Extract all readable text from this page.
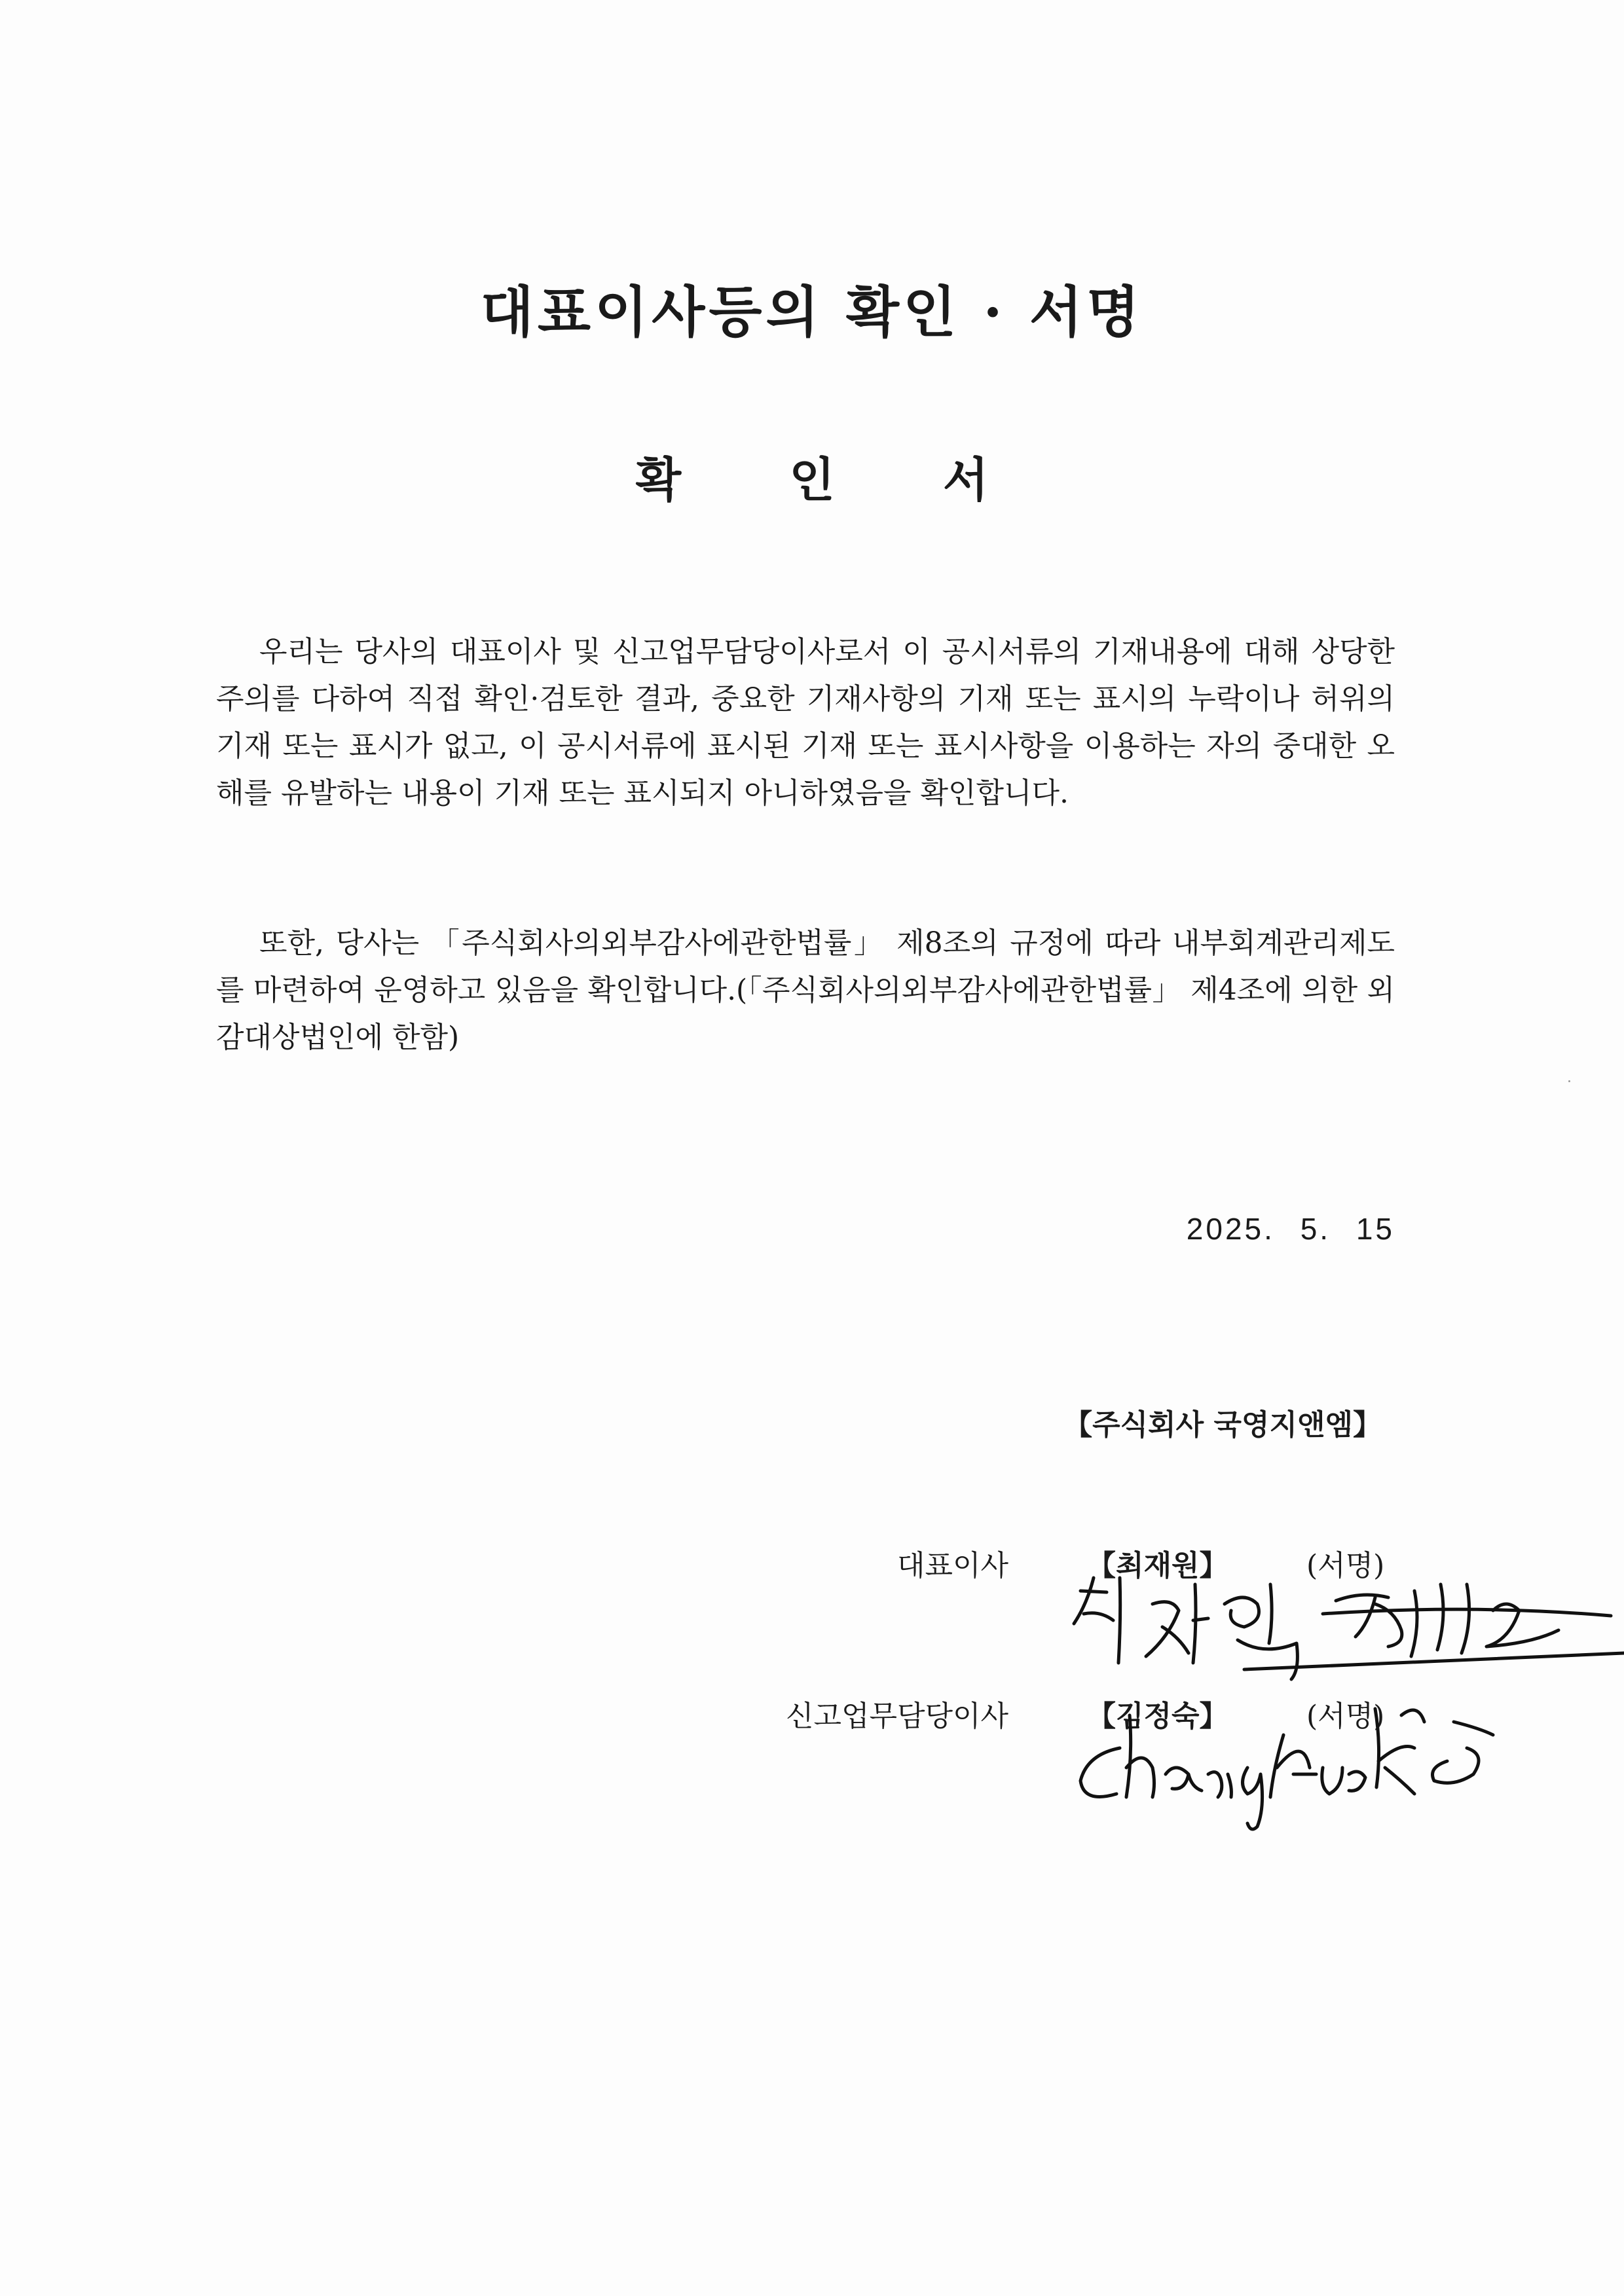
대표이사등의 확인 · 서명
확 인 서

우리는 당사의 대표이사 및 신고업무담당이사로서 이 공시서류의 기재내용에 대해 상당한 주의를 다하여 직접 확인·검토한 결과, 중요한 기재사항의 기재 또는 표시의 누락이나 허위의 기재 또는 표시가 없고, 이 공시서류에 표시된 기재 또는 표시사항을 이용하는 자의 중대한 오해를 유발하는 내용이 기재 또는 표시되지 아니하였음을 확인합니다.

또한, 당사는 「주식회사의외부감사에관한법률」 제8조의 규정에 따라 내부회계관리제도를 마련하여 운영하고 있음을 확인합니다.(「주식회사의외부감사에관한법률」 제4조에 의한 외감대상법인에 한함)

2025. 5. 15

【주식회사 국영지앤엠】

대표이사	【최재원】	(서명)
신고업무담당이사	【김정숙】	(서명)
